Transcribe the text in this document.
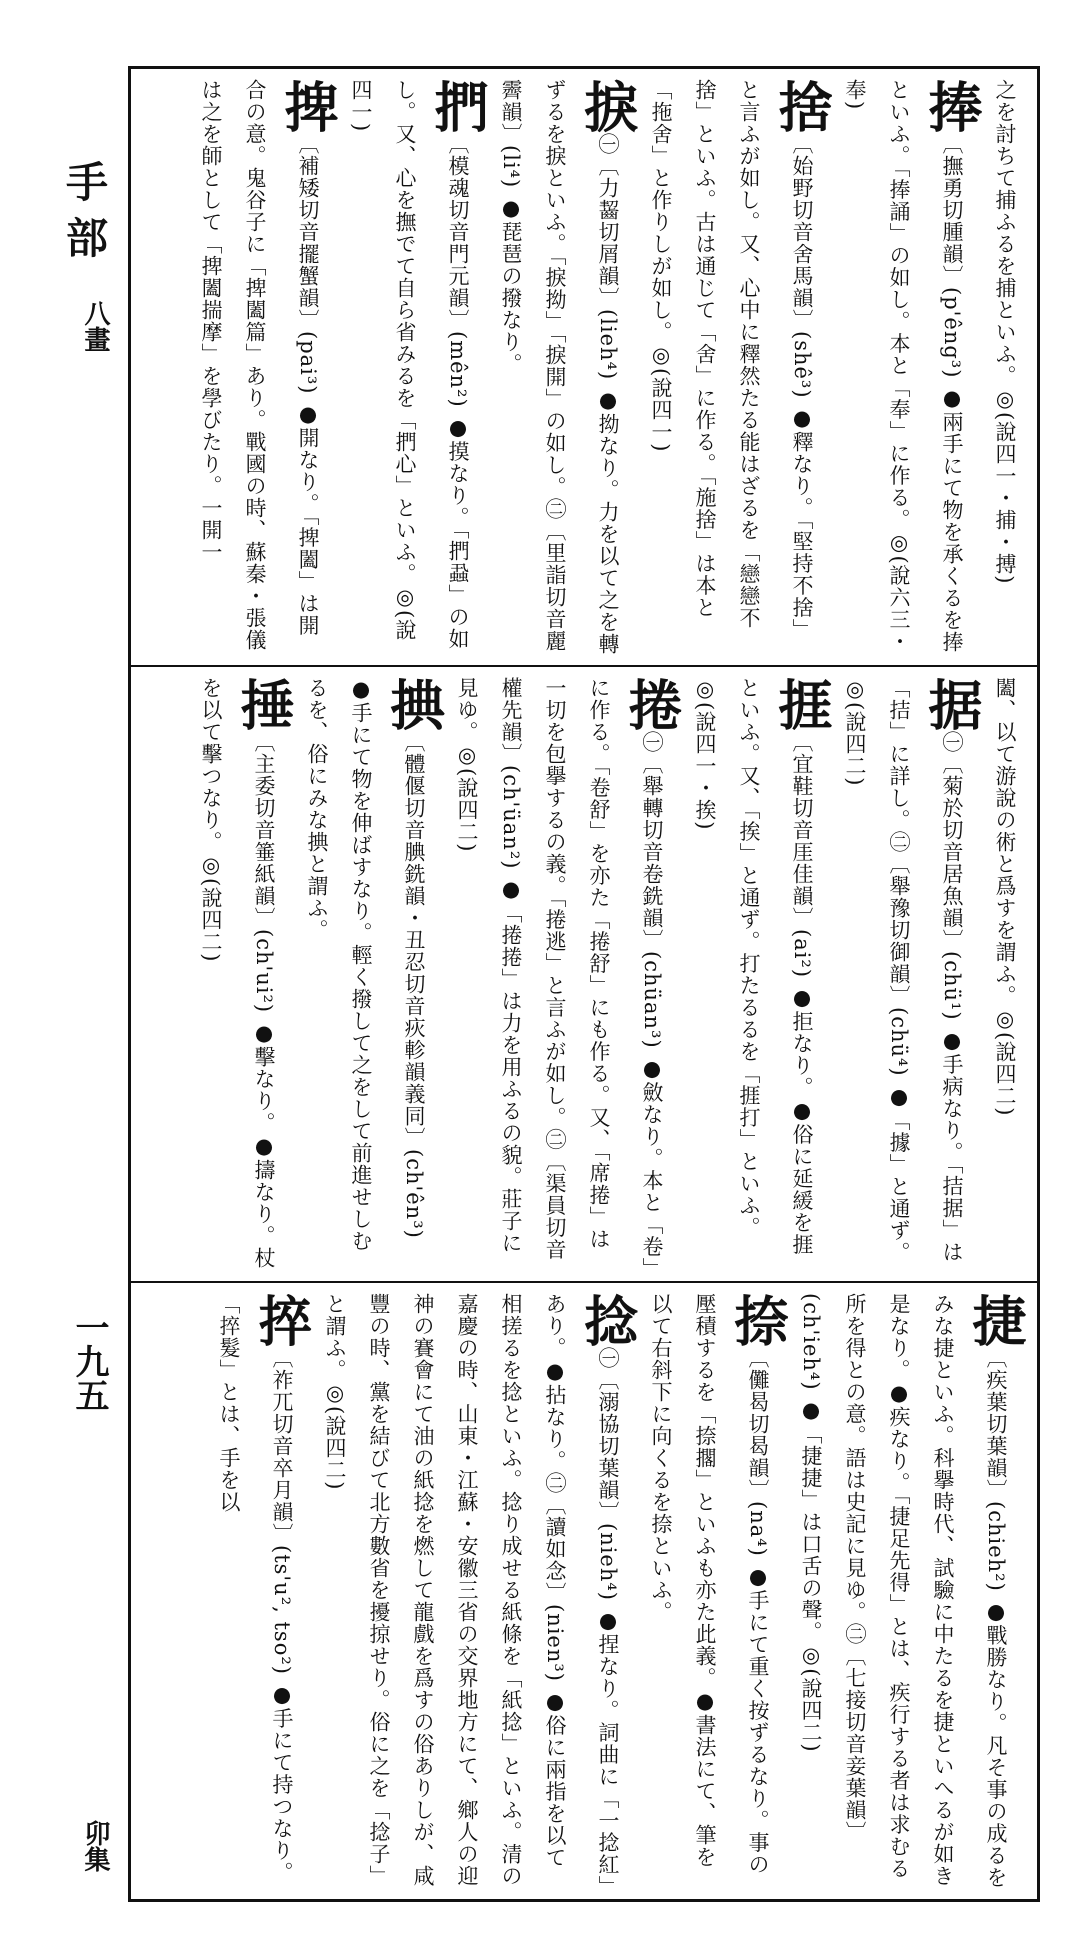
手部
八畫
一九五
卯集
之を討ちて捕ふるを捕といふ。◎(說四一・捕・搏)
捧〔撫勇切腫韻〕(p'êng³) ●兩手にて物を承くるを捧といふ。「捧誦」の如し。本と「奉」に作る。◎(說六三・奉)
捨〔始野切音舍馬韻〕(shê³) ●釋なり。「堅持不捨」と言ふが如し。又、心中に釋然たる能はざるを「戀戀不捨」といふ。古は通じて「舍」に作る。「施捨」は本と「拖舍」と作りしが如し。◎(說四一)
捩㊀〔力齧切屑韻〕(lieh⁴) ●拗なり。力を以て之を轉ずるを捩といふ。「捩拗」「捩開」の如し。㊁〔里詣切音麗霽韻〕(li⁴) ●琵琶の撥なり。
捫〔模魂切音門元韻〕(mên²) ●摸なり。「捫蝨」の如し。又、心を撫でて自ら省みるを「捫心」といふ。◎(說四一)
捭〔補矮切音擺蟹韻〕(pai³) ●開なり。「捭闔」は開合の意。鬼谷子に「捭闔篇」あり。戰國の時、蘇秦・張儀は之を師として「捭闔揣摩」を學びたり。一開一
闔、以て游說の術と爲すを謂ふ。◎(說四二)
据㊀〔菊於切音居魚韻〕(chü¹) ●手病なり。「拮据」は「拮」に詳し。㊁〔舉豫切御韻〕(chü⁴) ●「據」と通ず。◎(說四二)
捱〔宜鞋切音厓佳韻〕(ai²) ●拒なり。●俗に延緩を捱といふ。又、「挨」と通ず。打たるるを「捱打」といふ。◎(說四一・挨)
捲㊀〔舉轉切音卷銑韻〕(chüan³) ●斂なり。本と「卷」に作る。「卷舒」を亦た「捲舒」にも作る。又、「席捲」は一切を包擧するの義。「捲逃」と言ふが如し。㊁〔渠員切音權先韻〕(ch'üan²) ●「捲捲」は力を用ふるの貌。莊子に見ゆ。◎(說四二)
捵〔體偃切音腆銑韻・丑忍切音疢軫韻義同〕(ch'ên³) ●手にて物を伸ばすなり。輕く撥して之をして前進せしむるを、俗にみな捵と謂ふ。
捶〔主委切音箠紙韻〕(ch'ui²) ●擊なり。●擣なり。杖を以て擊つなり。◎(說四二)
捷〔疾葉切葉韻〕(chieh²) ●戰勝なり。凡そ事の成るをみな捷といふ。科擧時代、試驗に中たるを捷といへるが如き是なり。●疾なり。「捷足先得」とは、疾行する者は求むる所を得との意。語は史記に見ゆ。㊁〔七接切音妾葉韻〕(ch'ieh⁴) ●「捷捷」は口舌の聲。◎(說四二)
捺〔儺曷切曷韻〕(na⁴) ●手にて重く按ずるなり。事の壓積するを「捺擱」といふも亦た此義。●書法にて、筆を以て右斜下に向くるを捺といふ。
捻㊀〔溺協切葉韻〕(nieh⁴) ●捏なり。詞曲に「一捻紅」あり。●拈なり。㊁〔讀如念〕(nien³) ●俗に兩指を以て相搓るを捻といふ。捻り成せる紙條を「紙捻」といふ。清の嘉慶の時、山東・江蘇・安徽三省の交界地方にて、鄉人の迎神の賽會にて油の紙捻を燃して龍戲を爲すの俗ありしが、咸豐の時、黨を結びて北方數省を擾掠せり。俗に之を「捻子」と謂ふ。◎(說四二)
捽〔祚兀切音卒月韻〕(ts'u², tso²) ●手にて持つなり。「捽髮」とは、手を以
